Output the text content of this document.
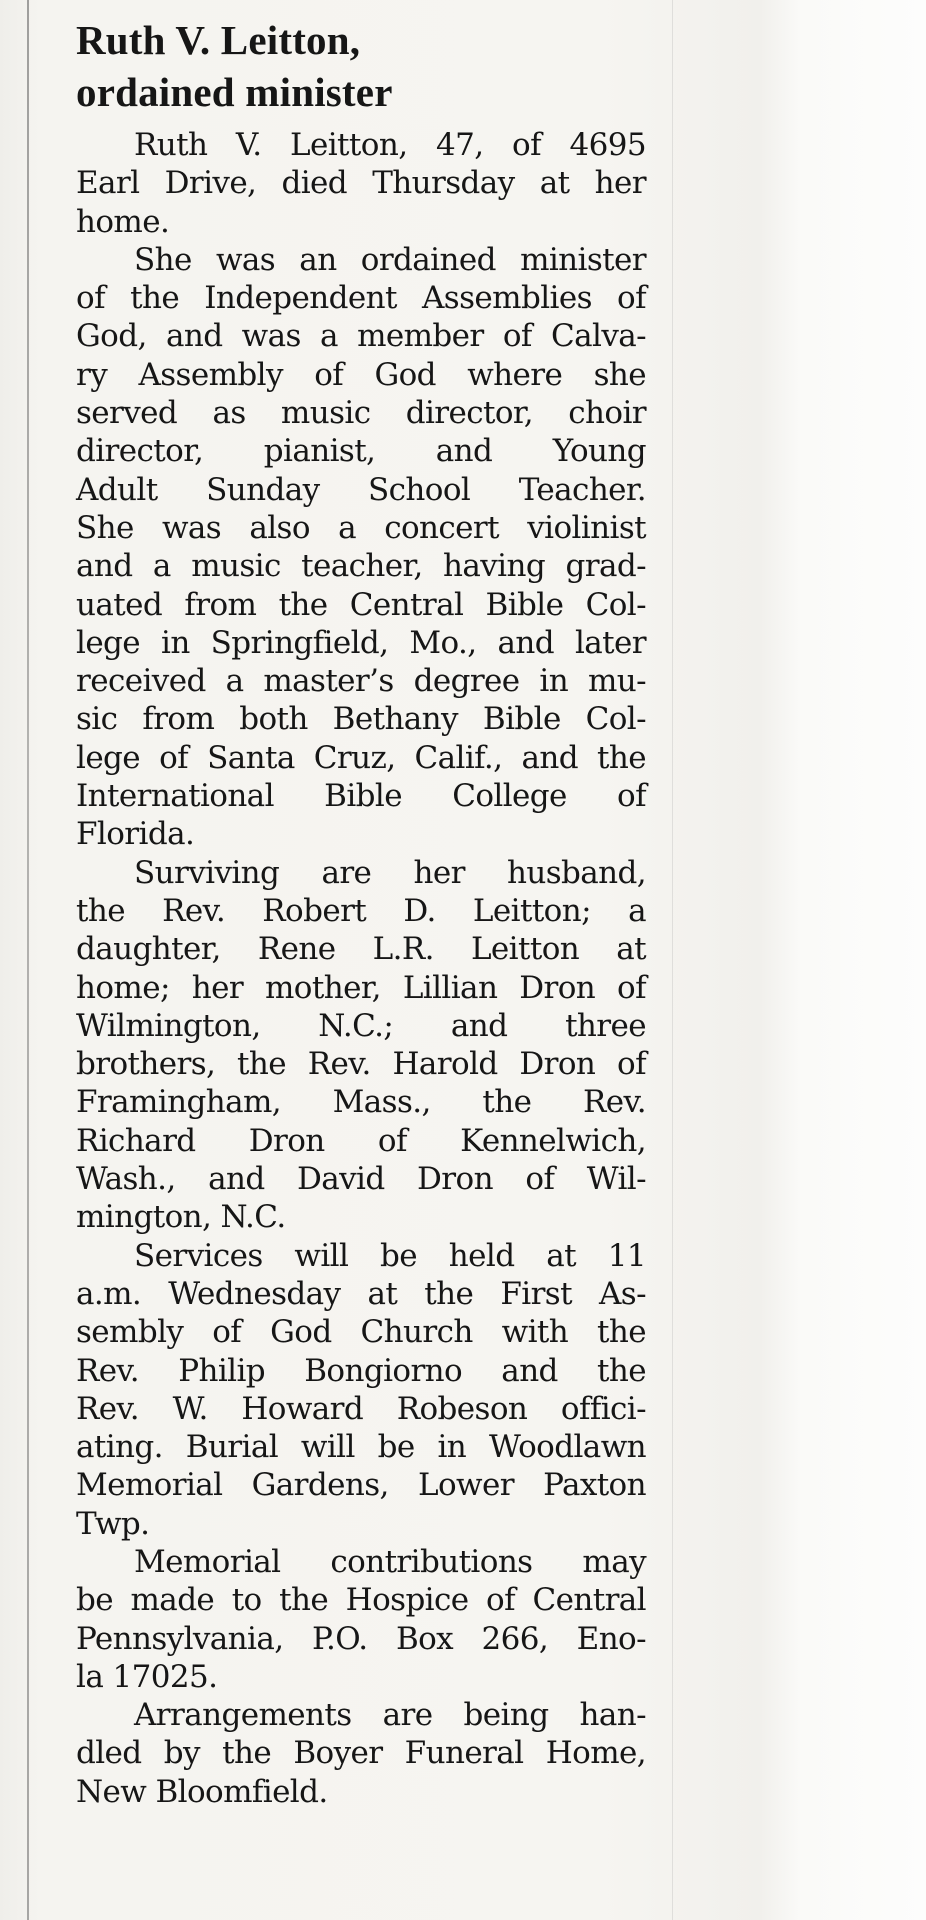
Ruth V. Leitton,
ordained minister

Ruth V. Leitton, 47, of 4695
Earl Drive, died Thursday at her
home.

She was an ordained minister
of the Independent Assemblies of
God, and was a member of Calva-
ry Assembly of God where she
served as music director, choir
director, pianist, and Young
Adult Sunday School Teacher.
She was also a concert violinist
and a music teacher, having grad-
uated from the Central Bible Col-
lege in Springfield, Mo., and later
received a master’s degree in mu-
sic from both Bethany Bible Col-
lege of Santa Cruz, Calif., and the
International Bible College of
Florida.

Surviving are her husband,
the Rev. Robert D. Leitton; a
daughter, Rene L.R. Leitton at
home; her mother, Lillian Dron of
Wilmington, N.C.; and three
brothers, the Rev. Harold Dron of
Framingham, Mass., the Rev.
Richard Dron of Kennelwich,
Wash., and David Dron of Wil-
mington, N.C.

Services will be held at 11
a.m. Wednesday at the First As-
sembly of God Church with the
Rev. Philip Bongiorno and the
Rev. W. Howard Robeson offici-
ating. Burial will be in Woodlawn
Memorial Gardens, Lower Paxton
Twp.

Memorial contributions may
be made to the Hospice of Central
Pennsylvania, P.O. Box 266, Eno-
la 17025.

Arrangements are being han-
dled by the Boyer Funeral Home,
New Bloomfield.
